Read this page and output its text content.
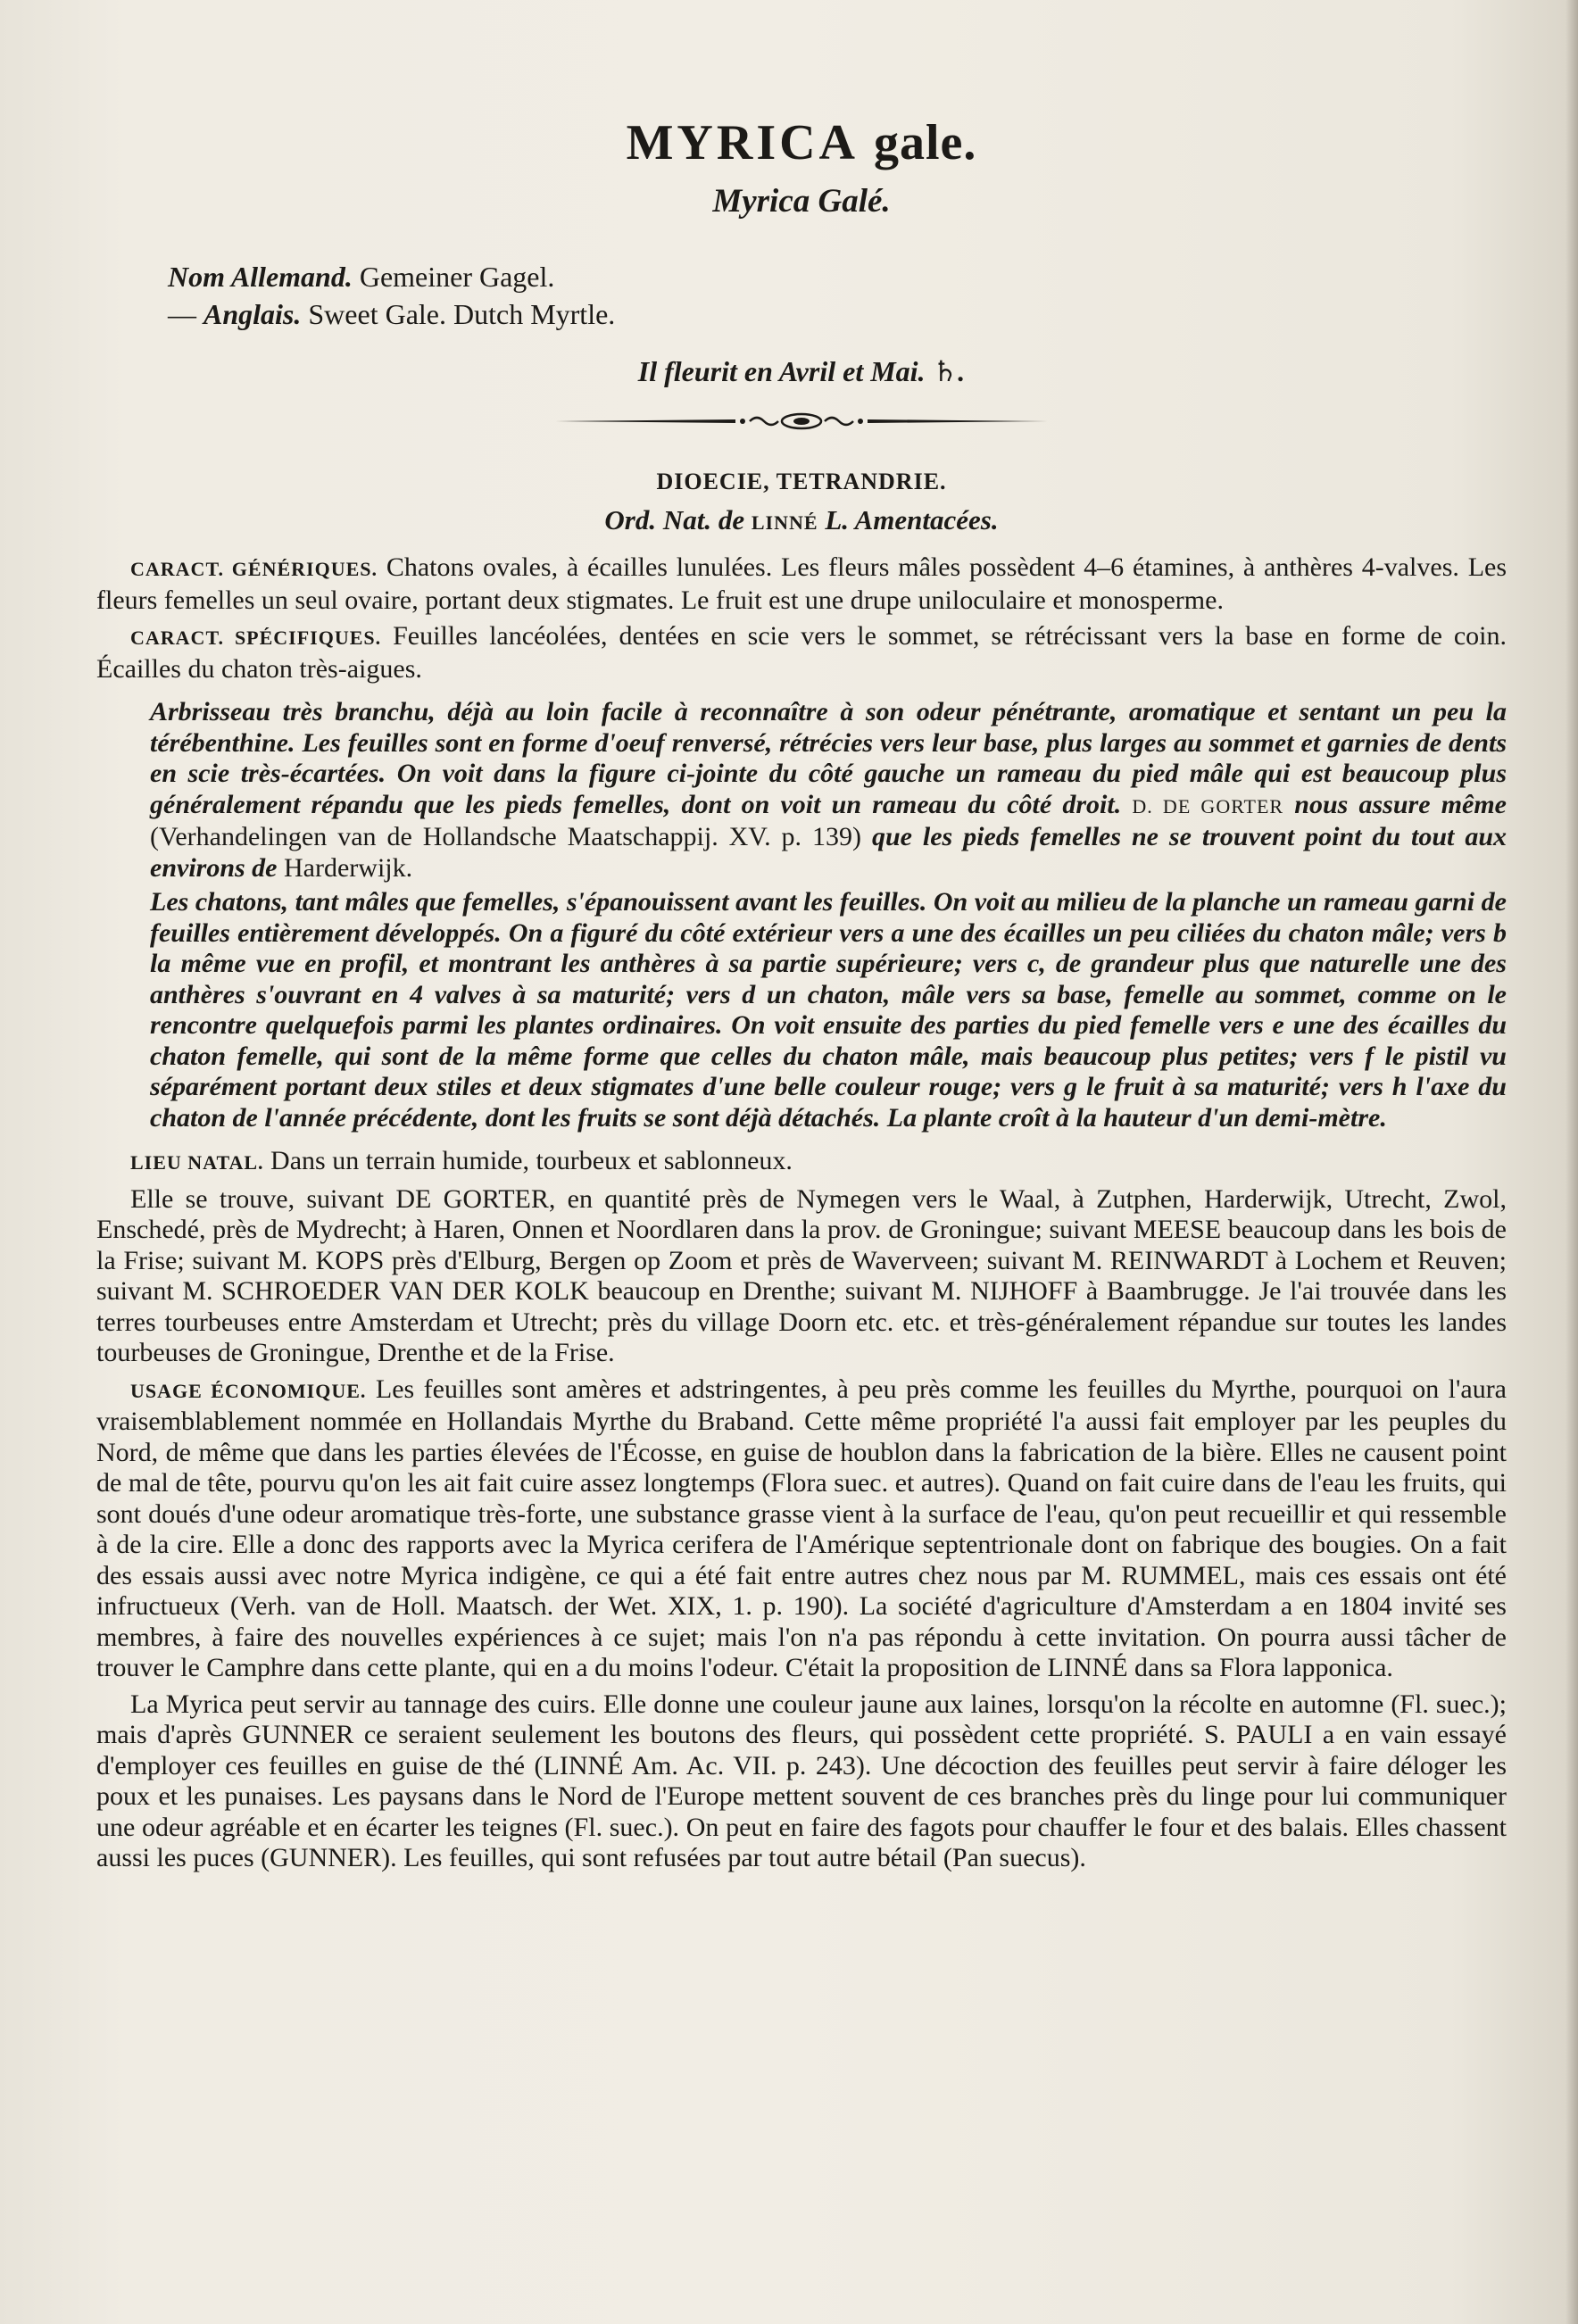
MYRICA gale.
Myrica Galé.
Nom Allemand. Gemeiner Gagel.
— Anglais. Sweet Gale. Dutch Myrtle.
Il fleurit en Avril et Mai. ♄.
DIOECIE, TETRANDRIE.
Ord. Nat. de LINNÉ L. Amentacées.

CARACT. GÉNÉRIQUES. Chatons ovales, à écailles lunulées. Les fleurs mâles possèdent 4–6 étamines, à anthères 4-valves. Les fleurs femelles un seul ovaire, portant deux stigmates. Le fruit est une drupe uniloculaire et monosperme.

CARACT. SPÉCIFIQUES. Feuilles lancéolées, dentées en scie vers le sommet, se rétrécissant vers la base en forme de coin. Écailles du chaton très-aigues.

Arbrisseau très branchu, déjà au loin facile à reconnaître à son odeur pénétrante, aromatique et sentant un peu la térébenthine. Les feuilles sont en forme d'oeuf renversé, rétrécies vers leur base, plus larges au sommet et garnies de dents en scie très-écartées. On voit dans la figure ci-jointe du côté gauche un rameau du pied mâle qui est beaucoup plus généralement répandu que les pieds femelles, dont on voit un rameau du côté droit. D. DE GORTER nous assure même (Verhandelingen van de Hollandsche Maatschappij. XV. p. 139) que les pieds femelles ne se trouvent point du tout aux environs de Harderwijk.

Les chatons, tant mâles que femelles, s'épanouissent avant les feuilles. On voit au milieu de la planche un rameau garni de feuilles entièrement développés. On a figuré du côté extérieur vers a une des écailles un peu ciliées du chaton mâle; vers b la même vue en profil, et montrant les anthères à sa partie supérieure; vers c, de grandeur plus que naturelle une des anthères s'ouvrant en 4 valves à sa maturité; vers d un chaton, mâle vers sa base, femelle au sommet, comme on le rencontre quelquefois parmi les plantes ordinaires. On voit ensuite des parties du pied femelle vers e une des écailles du chaton femelle, qui sont de la même forme que celles du chaton mâle, mais beaucoup plus petites; vers f le pistil vu séparément portant deux stiles et deux stigmates d'une belle couleur rouge; vers g le fruit à sa maturité; vers h l'axe du chaton de l'année précédente, dont les fruits se sont déjà détachés. La plante croît à la hauteur d'un demi-mètre.

LIEU NATAL. Dans un terrain humide, tourbeux et sablonneux.

Elle se trouve, suivant DE GORTER, en quantité près de Nymegen vers le Waal, à Zutphen, Harderwijk, Utrecht, Zwol, Enschedé, près de Mydrecht; à Haren, Onnen et Noordlaren dans la prov. de Groningue; suivant MEESE beaucoup dans les bois de la Frise; suivant M. KOPS près d'Elburg, Bergen op Zoom et près de Waverveen; suivant M. REINWARDT à Lochem et Reuven; suivant M. SCHROEDER VAN DER KOLK beaucoup en Drenthe; suivant M. NIJHOFF à Baambrugge. Je l'ai trouvée dans les terres tourbeuses entre Amsterdam et Utrecht; près du village Doorn etc. etc. et très-généralement répandue sur toutes les landes tourbeuses de Groningue, Drenthe et de la Frise.

USAGE ÉCONOMIQUE. Les feuilles sont amères et adstringentes, à peu près comme les feuilles du Myrthe, pourquoi on l'aura vraisemblablement nommée en Hollandais Myrthe du Braband. Cette même propriété l'a aussi fait employer par les peuples du Nord, de même que dans les parties élevées de l'Écosse, en guise de houblon dans la fabrication de la bière. Elles ne causent point de mal de tête, pourvu qu'on les ait fait cuire assez longtemps (Flora suec. et autres). Quand on fait cuire dans de l'eau les fruits, qui sont doués d'une odeur aromatique très-forte, une substance grasse vient à la surface de l'eau, qu'on peut recueillir et qui ressemble à de la cire. Elle a donc des rapports avec la Myrica cerifera de l'Amérique septentrionale dont on fabrique des bougies. On a fait des essais aussi avec notre Myrica indigène, ce qui a été fait entre autres chez nous par M. RUMMEL, mais ces essais ont été infructueux (Verh. van de Holl. Maatsch. der Wet. XIX, 1. p. 190). La société d'agriculture d'Amsterdam a en 1804 invité ses membres, à faire des nouvelles expériences à ce sujet; mais l'on n'a pas répondu à cette invitation. On pourra aussi tâcher de trouver le Camphre dans cette plante, qui en a du moins l'odeur. C'était la proposition de LINNÉ dans sa Flora lapponica.

La Myrica peut servir au tannage des cuirs. Elle donne une couleur jaune aux laines, lorsqu'on la récolte en automne (Fl. suec.); mais d'après GUNNER ce seraient seulement les boutons des fleurs, qui possèdent cette propriété. S. PAULI a en vain essayé d'employer ces feuilles en guise de thé (LINNÉ Am. Ac. VII. p. 243). Une décoction des feuilles peut servir à faire déloger les poux et les punaises. Les paysans dans le Nord de l'Europe mettent souvent de ces branches près du linge pour lui communiquer une odeur agréable et en écarter les teignes (Fl. suec.). On peut en faire des fagots pour chauffer le four et des balais. Elles chassent aussi les puces (GUNNER). Les feuilles, qui sont refusées par tout autre bétail (Pan suecus).
